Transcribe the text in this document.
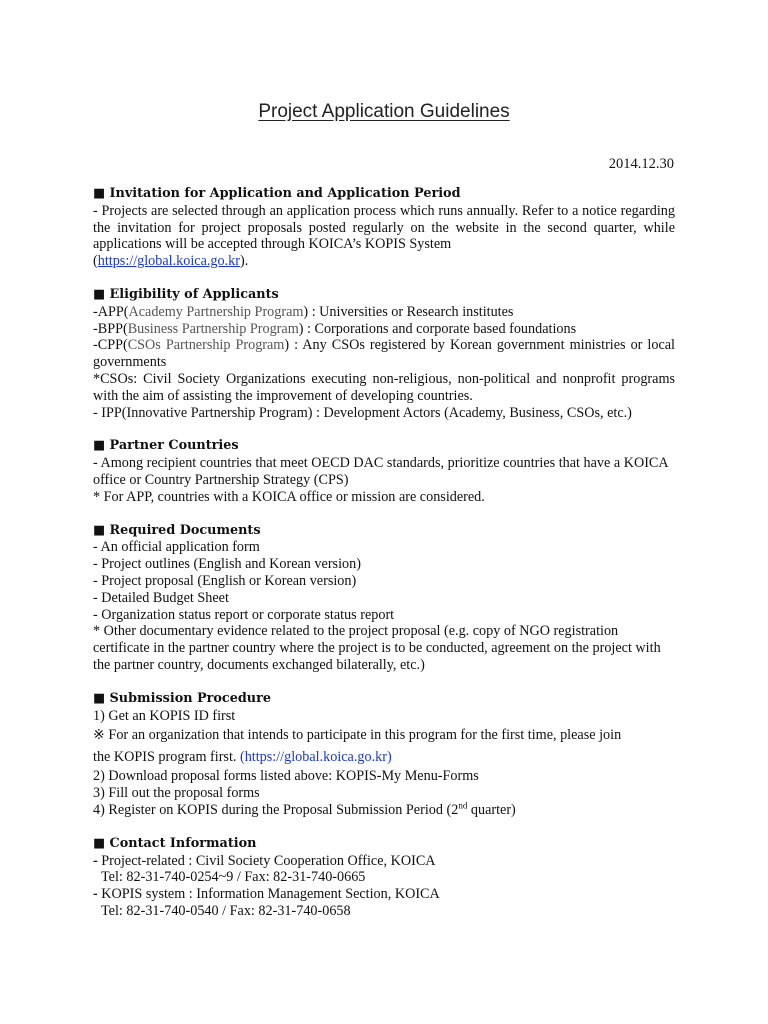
Project Application Guidelines
2014.12.30
■ Invitation for Application and Application Period
- Projects are selected through an application process which runs annually. Refer to a notice regarding the invitation for project proposals posted regularly on the website in the second quarter, while applications will be accepted through KOICA’s KOPIS System
(https://global.koica.go.kr).
■ Eligibility of Applicants
-APP(Academy Partnership Program) : Universities or Research institutes
-BPP(Business Partnership Program) : Corporations and corporate based foundations
-CPP(CSOs Partnership Program) : Any CSOs registered by Korean government ministries or local governments
*CSOs: Civil Society Organizations executing non-religious, non-political and nonprofit programs with the aim of assisting the improvement of developing countries.
- IPP(Innovative Partnership Program) : Development Actors (Academy, Business, CSOs, etc.)
■ Partner Countries
- Among recipient countries that meet OECD DAC standards, prioritize countries that have a KOICA office or Country Partnership Strategy (CPS)
* For APP, countries with a KOICA office or mission are considered.
■ Required Documents
- An official application form
- Project outlines (English and Korean version)
- Project proposal (English or Korean version)
- Detailed Budget Sheet
- Organization status report or corporate status report
* Other documentary evidence related to the project proposal (e.g. copy of NGO registration certificate in the partner country where the project is to be conducted, agreement on the project with the partner country, documents exchanged bilaterally, etc.)
■ Submission Procedure
1) Get an KOPIS ID first
※ For an organization that intends to participate in this program for the first time, please join
the KOPIS program first. (https://global.koica.go.kr)
2) Download proposal forms listed above: KOPIS-My Menu-Forms
3) Fill out the proposal forms
4) Register on KOPIS during the Proposal Submission Period (2nd quarter)
■ Contact Information
- Project-related : Civil Society Cooperation Office, KOICA
Tel: 82-31-740-0254~9 / Fax: 82-31-740-0665
- KOPIS system : Information Management Section, KOICA
Tel: 82-31-740-0540 / Fax: 82-31-740-0658
